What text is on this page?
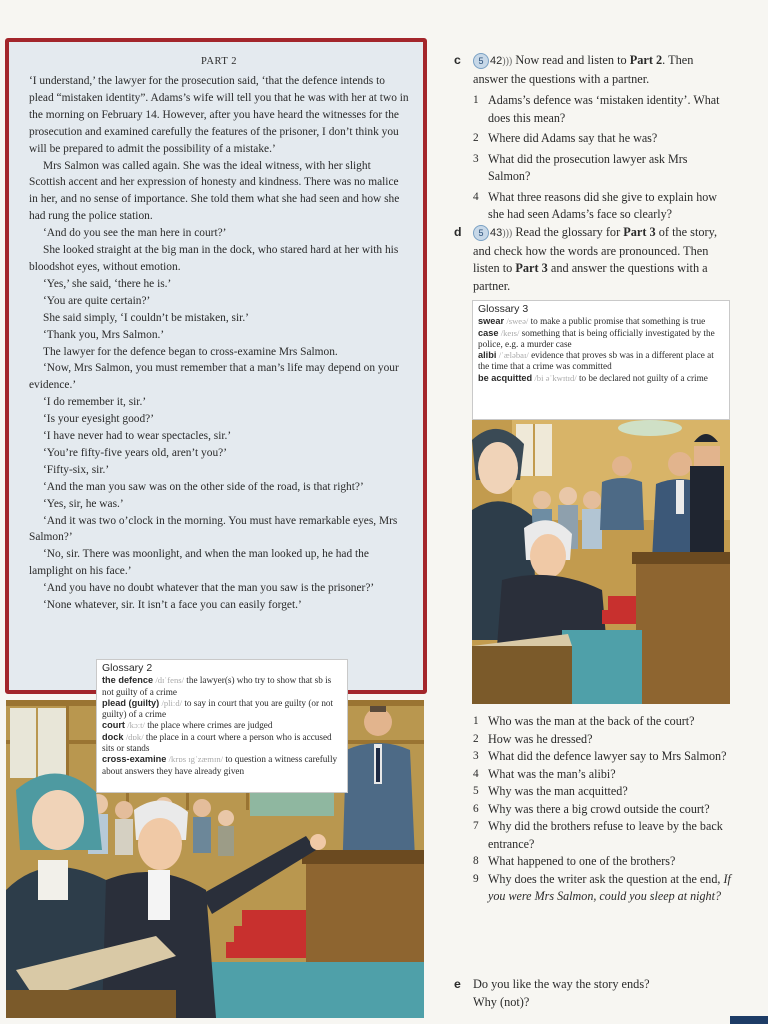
PART 2

‘I understand,’ the lawyer for the prosecution said, ‘that the defence intends to plead “mistaken identity”. Adams’s wife will tell you that he was with her at two in the morning on February 14. However, after you have heard the witnesses for the prosecution and examined carefully the features of the prisoner, I don’t think you will be prepared to admit the possibility of a mistake.’

Mrs Salmon was called again. She was the ideal witness, with her slight Scottish accent and her expression of honesty and kindness. There was no malice in her, and no sense of importance. She told them what she had seen and how she had rung the police station.

‘And do you see the man here in court?’

She looked straight at the big man in the dock, who stared hard at her with his bloodshot eyes, without emotion.

‘Yes,’ she said, ‘there he is.’

‘You are quite certain?’

She said simply, ‘I couldn’t be mistaken, sir.’

‘Thank you, Mrs Salmon.’

The lawyer for the defence began to cross-examine Mrs Salmon.

‘Now, Mrs Salmon, you must remember that a man’s life may depend on your evidence.’

‘I do remember it, sir.’

‘Is your eyesight good?’

‘I have never had to wear spectacles, sir.’

‘You’re fifty-five years old, aren’t you?’

‘Fifty-six, sir.’

‘And the man you saw was on the other side of the road, is that right?’

‘Yes, sir, he was.’

‘And it was two o’clock in the morning. You must have remarkable eyes, Mrs Salmon?’

‘No, sir. There was moonlight, and when the man looked up, he had the lamplight on his face.’

‘And you have no doubt whatever that the man you saw is the prisoner?’

‘None whatever, sir. It isn’t a face you can easily forget.’

Glossary 2
the defence /dɪˈfens/ the lawyer(s) who try to show that sb is not guilty of a crime
plead (guilty) /pliːd/ to say in court that you are guilty (or not guilty) of a crime
court /kɔːt/ the place where crimes are judged
dock /dɒk/ the place in a court where a person who is accused sits or stands
cross-examine /krɒs ɪgˈzæmɪn/ to question a witness carefully about answers they have already given
c 5 42))) Now read and listen to Part 2. Then answer the questions with a partner.
1 Adams’s defence was ‘mistaken identity’. What does this mean?
2 Where did Adams say that he was?
3 What did the prosecution lawyer ask Mrs Salmon?
4 What three reasons did she give to explain how she had seen Adams’s face so clearly?
d 5 43))) Read the glossary for Part 3 of the story, and check how the words are pronounced. Then listen to Part 3 and answer the questions with a partner.
Glossary 3
swear /sweə/ to make a public promise that something is true
case /keɪs/ something that is being officially investigated by the police, e.g. a murder case
alibi /ˈæləbaɪ/ evidence that proves sb was in a different place at the time that a crime was committed
be acquitted /bi əˈkwɪtɪd/ to be declared not guilty of a crime
1 Who was the man at the back of the court?
2 How was he dressed?
3 What did the defence lawyer say to Mrs Salmon?
4 What was the man’s alibi?
5 Why was the man acquitted?
6 Why was there a big crowd outside the court?
7 Why did the brothers refuse to leave by the back entrance?
8 What happened to one of the brothers?
9 Why does the writer ask the question at the end, If you were Mrs Salmon, could you sleep at night?
e Do you like the way the story ends?
Why (not)?
